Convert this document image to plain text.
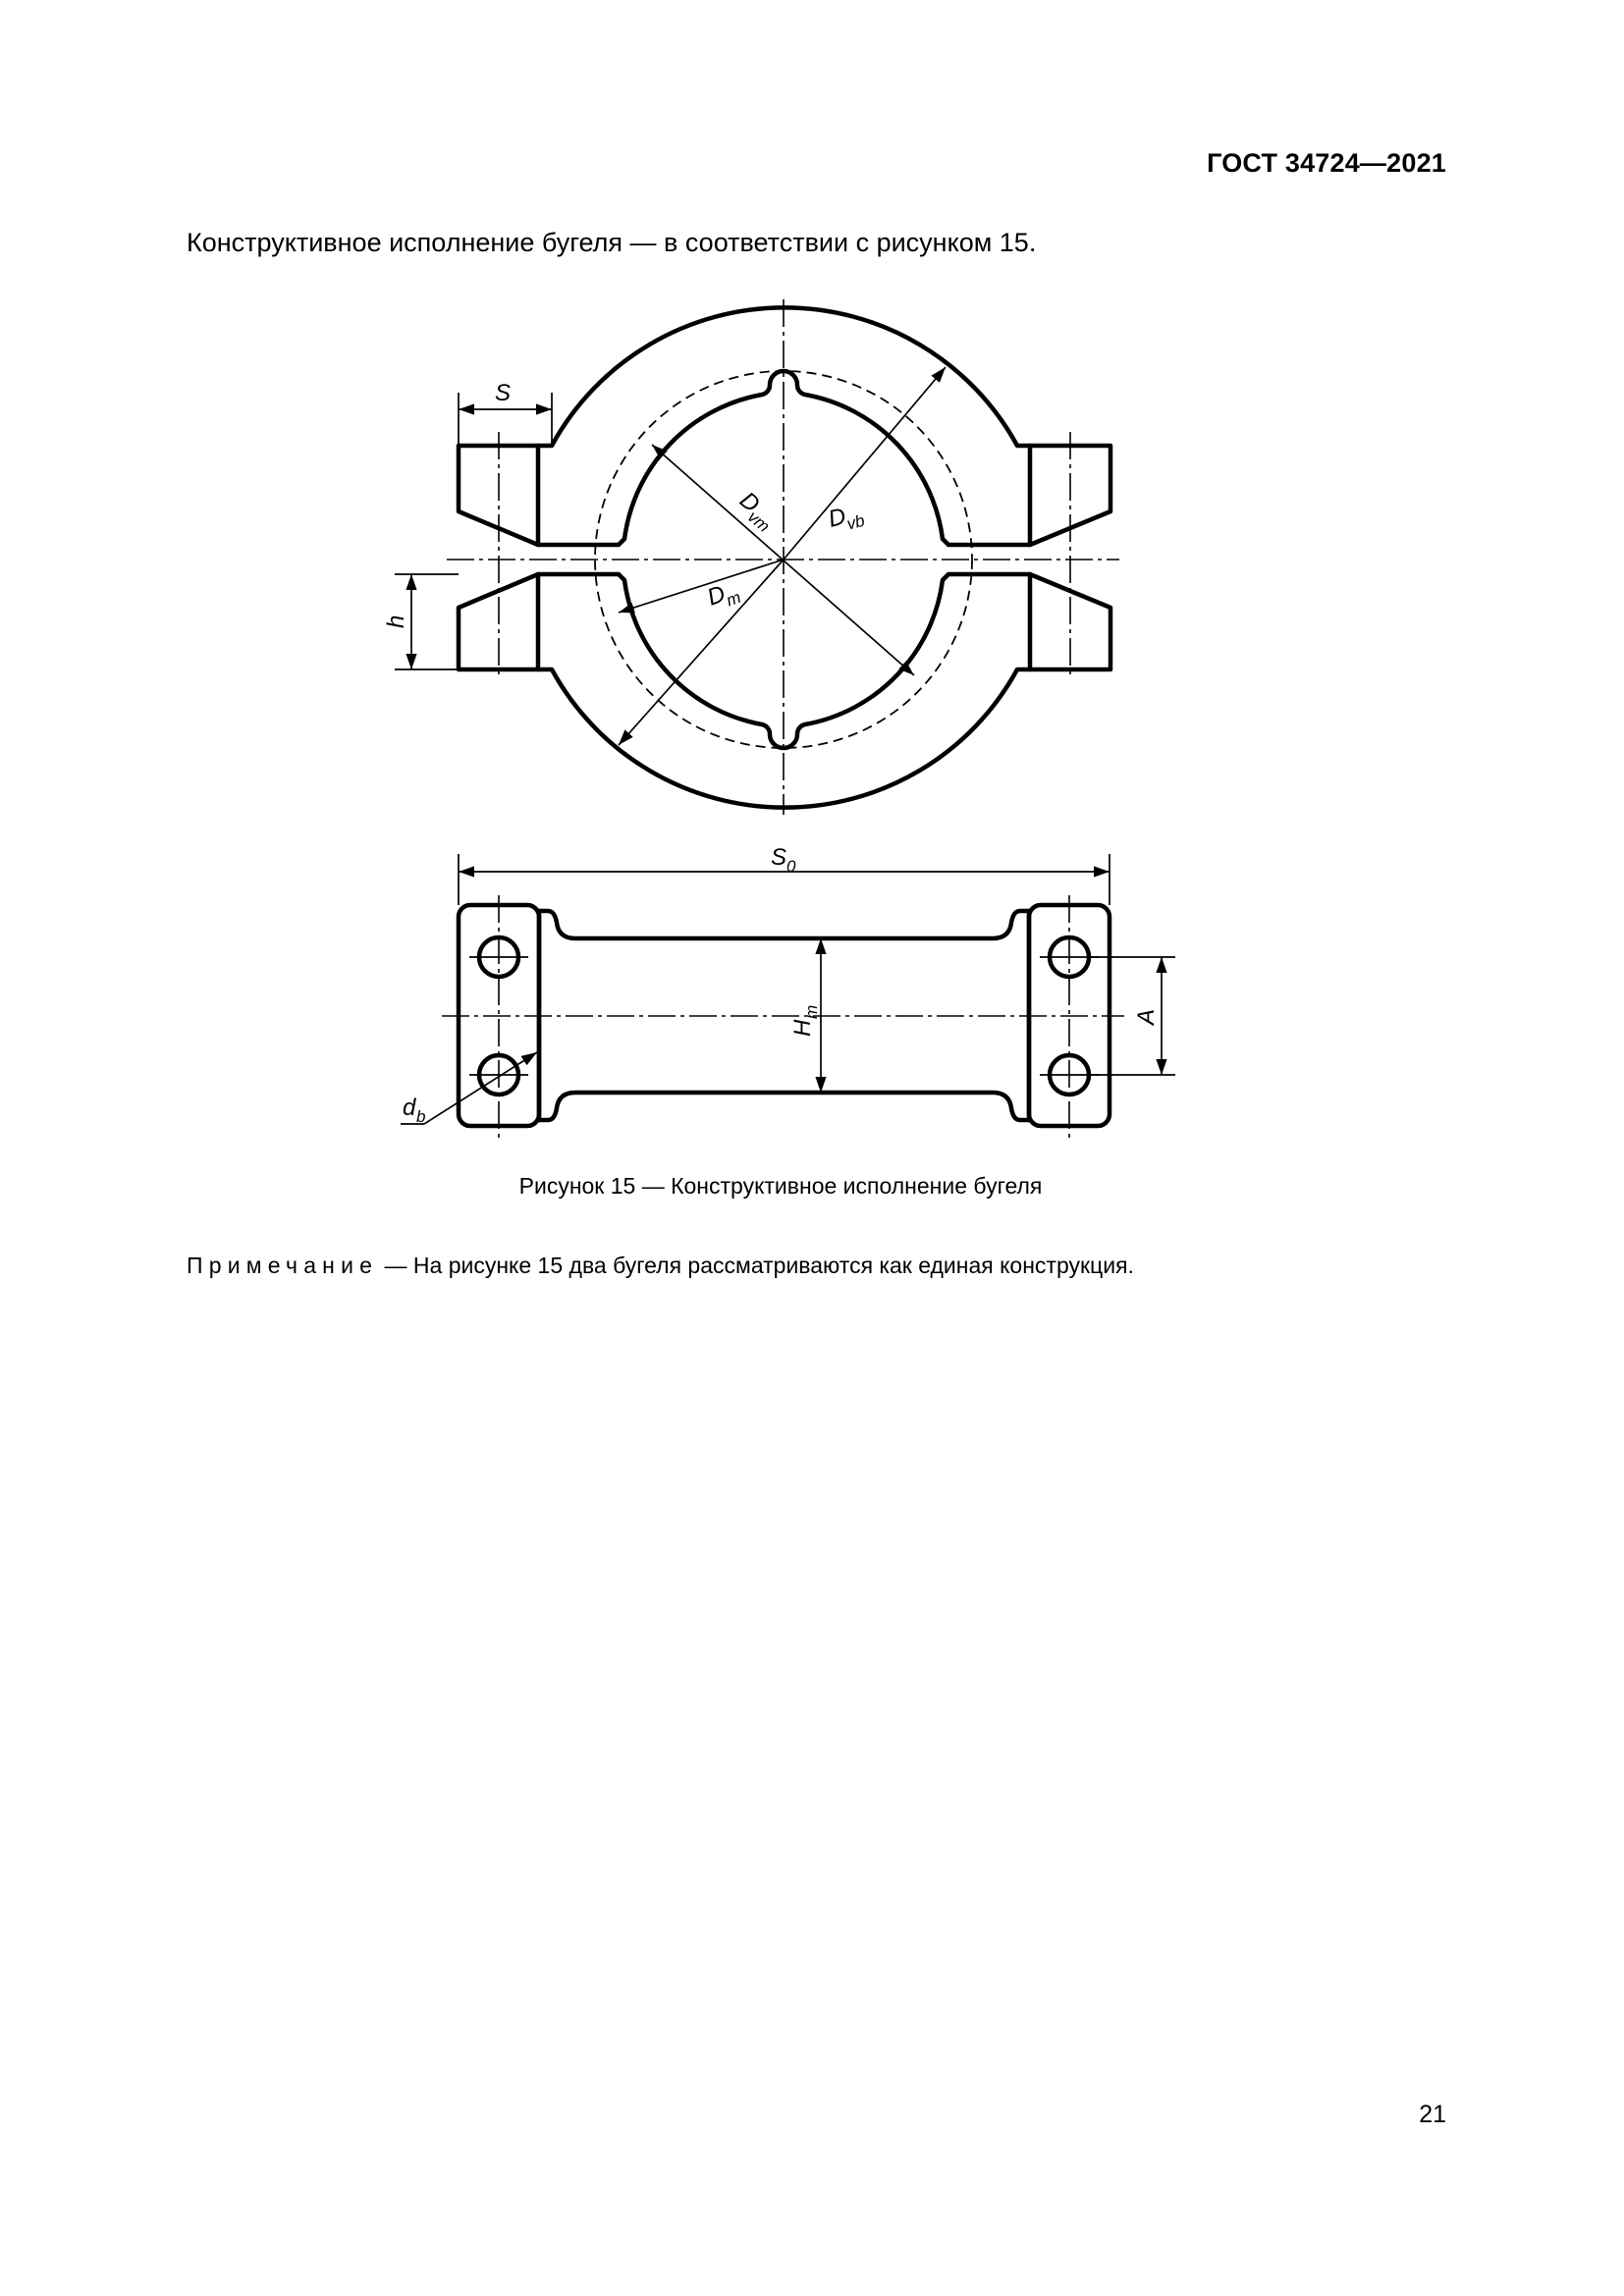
ГОСТ 34724—2021
Конструктивное исполнение бугеля — в соответствии с рисунком 15.
S
h
D
vm D
vb
D
m
S 0
H
m	A
d b
Рисунок 15 — Конструктивное исполнение бугеля
Примечание — На рисунке 15 два бугеля рассматриваются как единая конструкция.
21
